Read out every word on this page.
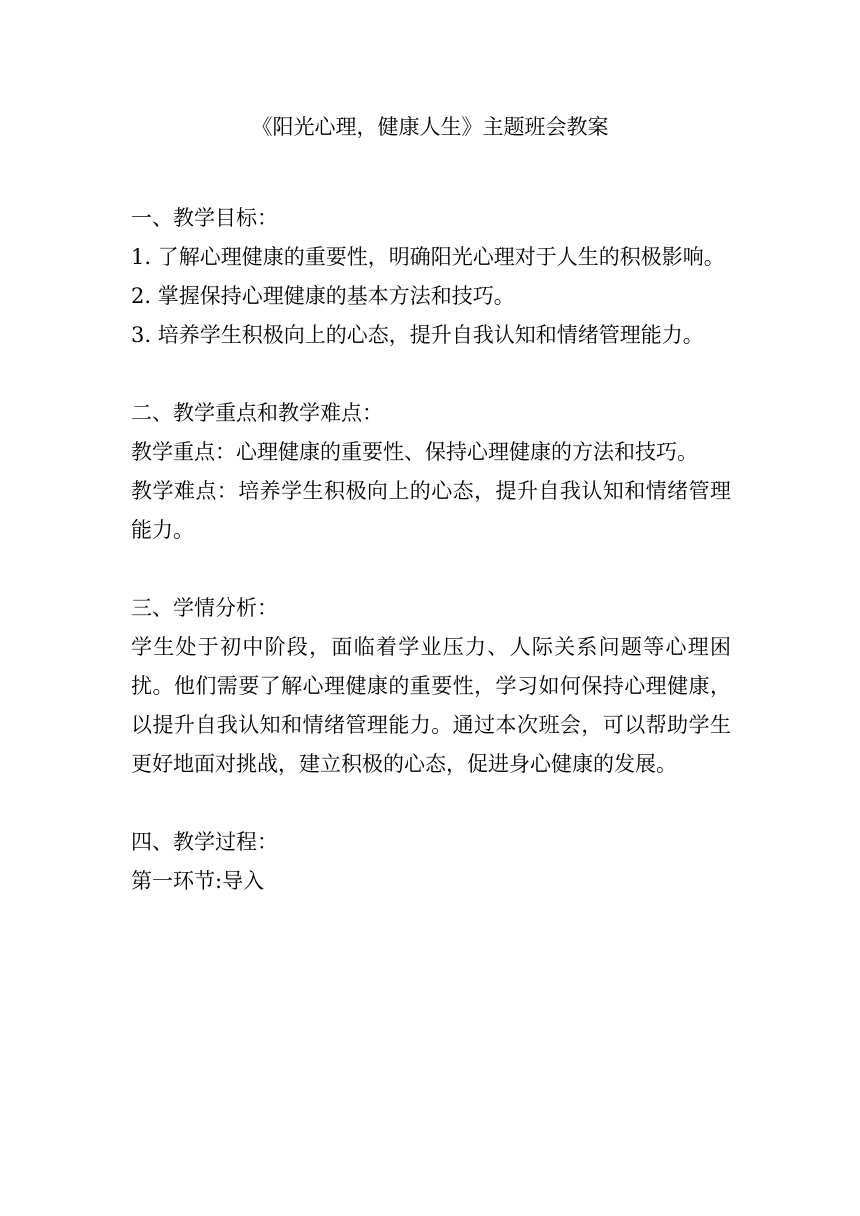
《阳光心理，健康人生》主题班会教案
一、教学目标：
1. 了解心理健康的重要性，明确阳光心理对于人生的积极影响。
2. 掌握保持心理健康的基本方法和技巧。
3. 培养学生积极向上的心态，提升自我认知和情绪管理能力。
二、教学重点和教学难点：
教学重点：心理健康的重要性、保持心理健康的方法和技巧。
教学难点：培养学生积极向上的心态，提升自我认知和情绪管理能力。
三、学情分析：
学生处于初中阶段，面临着学业压力、人际关系问题等心理困扰。他们需要了解心理健康的重要性，学习如何保持心理健康，以提升自我认知和情绪管理能力。通过本次班会，可以帮助学生更好地面对挑战，建立积极的心态，促进身心健康的发展。
四、教学过程：
第一环节:导入
